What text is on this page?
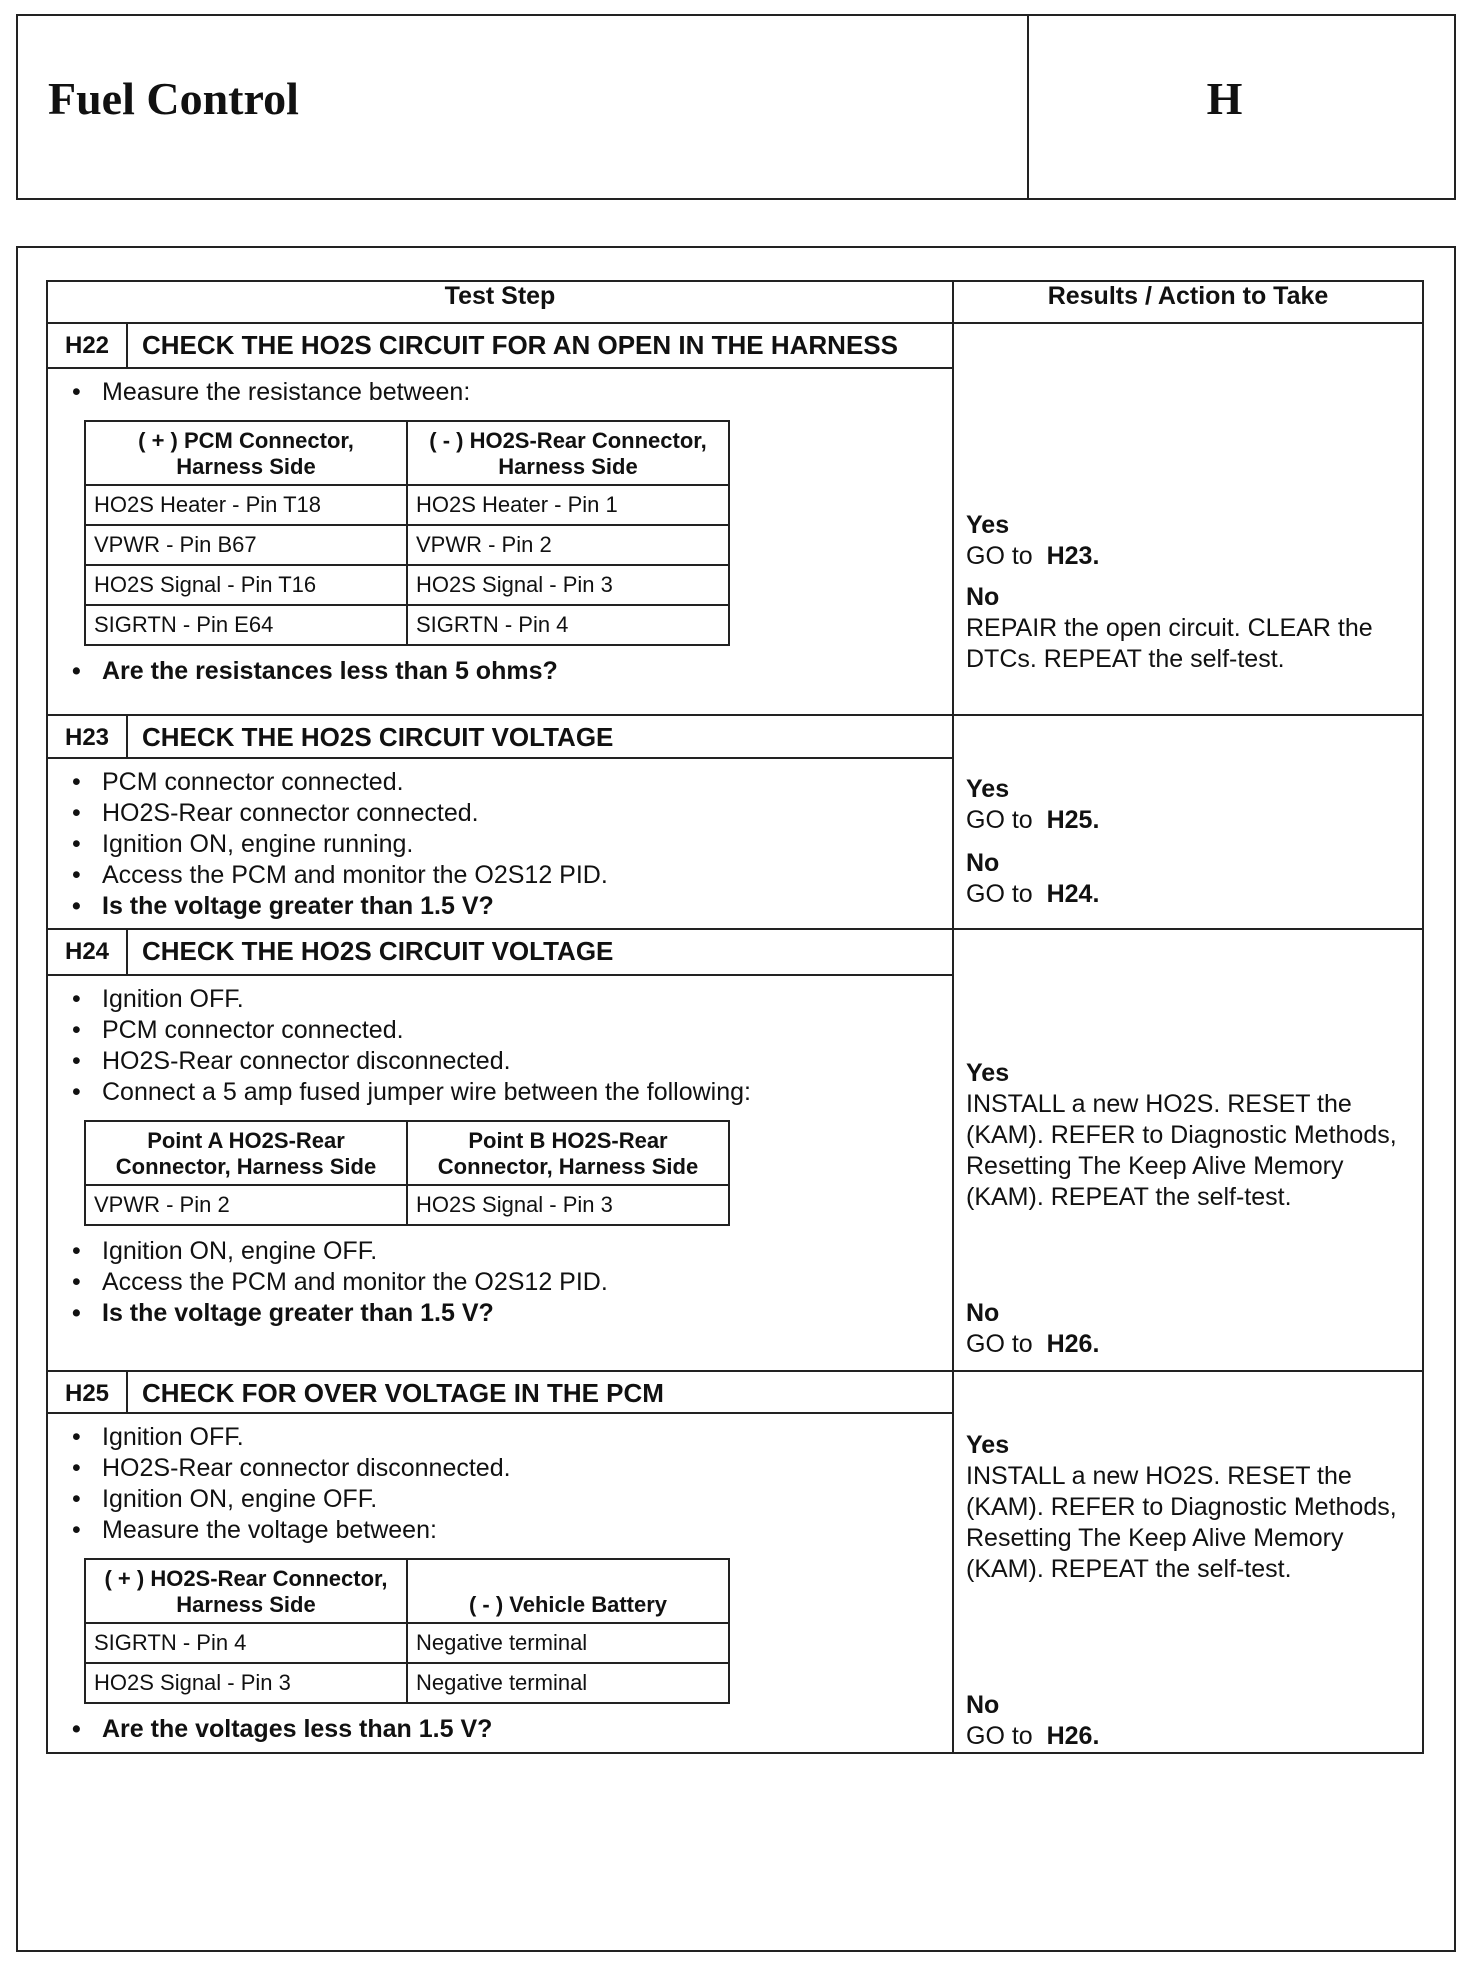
Fuel Control	H
Test Step	Results / Action to Take
H22	CHECK THE HO2S CIRCUIT FOR AN OPEN IN THE HARNESS	
Yes
GO to H23.
No
REPAIR the open circuit. CLEAR the DTCs. REPEAT the self-test.

• Measure the resistance between:
( + ) PCM Connector, Harness Side	( - ) HO2S-Rear Connector, Harness Side
HO2S Heater - Pin T18	HO2S Heater - Pin 1
VPWR - Pin B67	VPWR - Pin 2
HO2S Signal - Pin T16	HO2S Signal - Pin 3
SIGRTN - Pin E64	SIGRTN - Pin 4
• Are the resistances less than 5 ohms?

H23	CHECK THE HO2S CIRCUIT VOLTAGE	
Yes
GO to H25.
No
GO to H24.

• PCM connector connected.
• HO2S-Rear connector connected.
• Ignition ON, engine running.
• Access the PCM and monitor the O2S12 PID.
• Is the voltage greater than 1.5 V?

H24	CHECK THE HO2S CIRCUIT VOLTAGE	
Yes
INSTALL a new HO2S. RESET the (KAM). REFER to Diagnostic Methods, Resetting The Keep Alive Memory (KAM). REPEAT the self-test.
No
GO to H26.

• Ignition OFF.
• PCM connector connected.
• HO2S-Rear connector disconnected.
• Connect a 5 amp fused jumper wire between the following:
Point A HO2S-Rear Connector, Harness Side	Point B HO2S-Rear Connector, Harness Side
VPWR - Pin 2	HO2S Signal - Pin 3
• Ignition ON, engine OFF.
• Access the PCM and monitor the O2S12 PID.
• Is the voltage greater than 1.5 V?

H25	CHECK FOR OVER VOLTAGE IN THE PCM	
Yes
INSTALL a new HO2S. RESET the (KAM). REFER to Diagnostic Methods, Resetting The Keep Alive Memory (KAM). REPEAT the self-test.
No
GO to H26.

• Ignition OFF.
• HO2S-Rear connector disconnected.
• Ignition ON, engine OFF.
• Measure the voltage between:
( + ) HO2S-Rear Connector, Harness Side	( - ) Vehicle Battery
SIGRTN - Pin 4	Negative terminal
HO2S Signal - Pin 3	Negative terminal
• Are the voltages less than 1.5 V?
